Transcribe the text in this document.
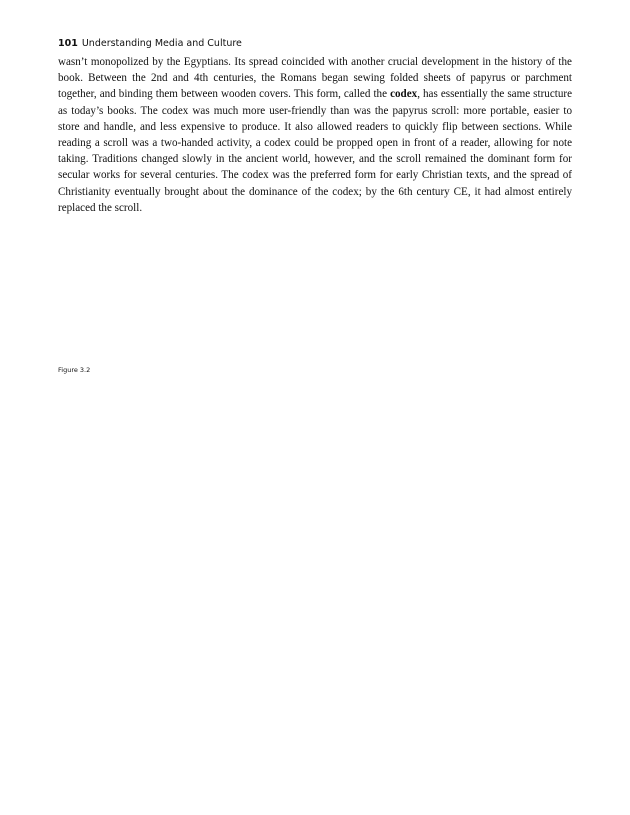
101 Understanding Media and Culture

wasn’t monopolized by the Egyptians. Its spread coincided with another crucial development in the history of the book. Between the 2nd and 4th centuries, the Romans began sewing folded sheets of papyrus or parchment together, and binding them between wooden covers. This form, called the codex, has essentially the same structure as today’s books. The codex was much more user-friendly than was the papyrus scroll: more portable, easier to store and handle, and less expensive to produce. It also allowed readers to quickly flip between sections. While reading a scroll was a two-handed activity, a codex could be propped open in front of a reader, allowing for note taking. Traditions changed slowly in the ancient world, however, and the scroll remained the dominant form for secular works for several centuries. The codex was the preferred form for early Christian texts, and the spread of Christianity eventually brought about the dominance of the codex; by the 6th century CE, it had almost entirely replaced the scroll.

Figure 3.2
